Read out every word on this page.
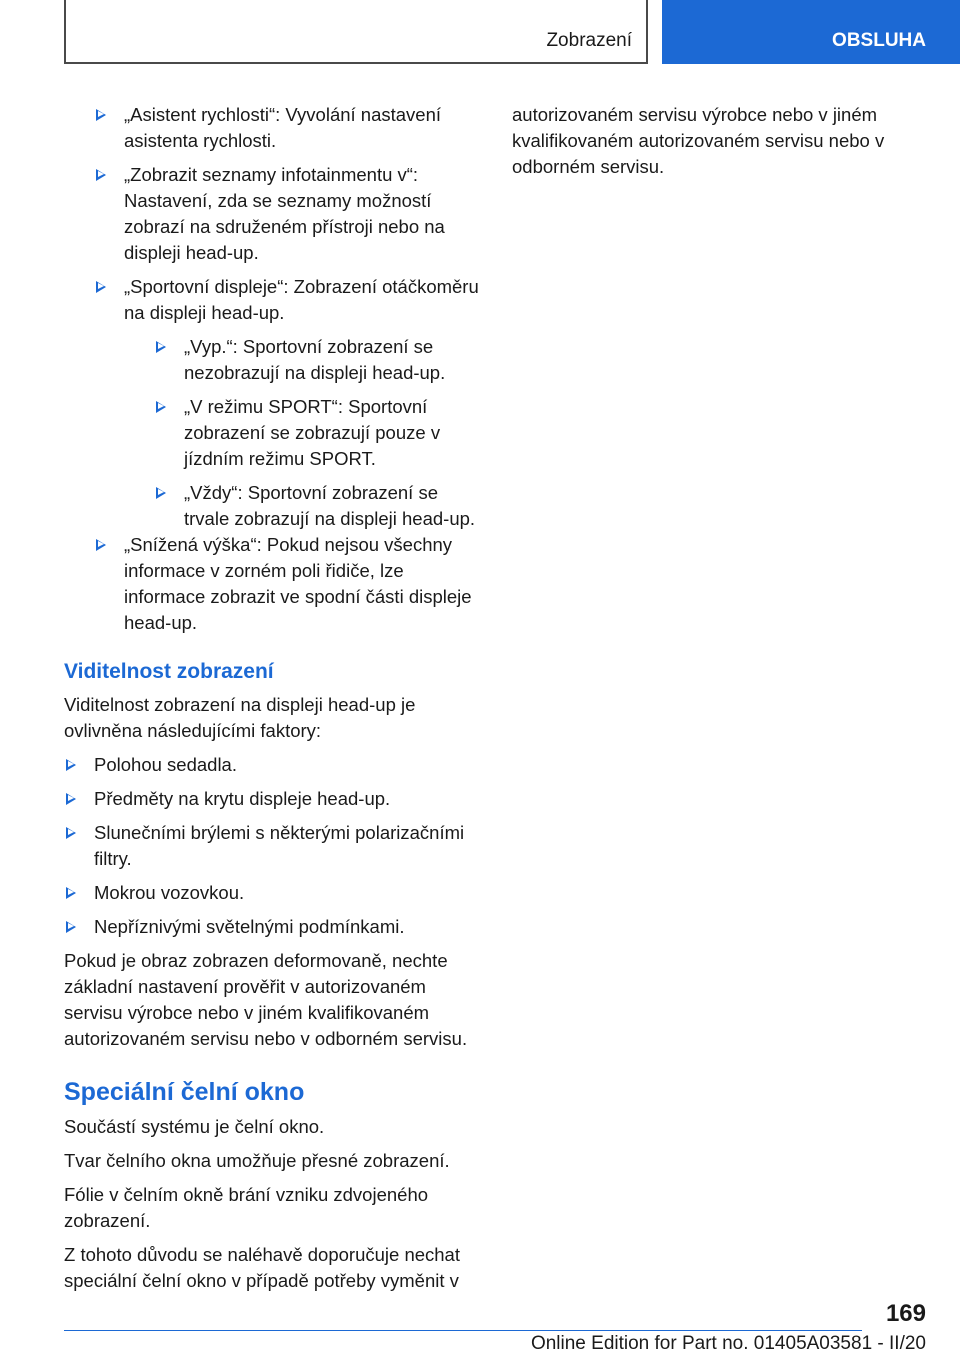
Zobrazení	OBSLUHA
„Asistent rychlosti“: Vyvolání nastavení asistenta rychlosti.
„Zobrazit seznamy infotainmentu v“: Nastavení, zda se seznamy možností zobrazí na sdruženém přístroji nebo na displeji head-up.
„Sportovní displeje“: Zobrazení otáčkoměru na displeji head-up.
„Vyp.“: Sportovní zobrazení se nezobrazují na displeji head-up.
„V režimu SPORT“: Sportovní zobrazení se zobrazují pouze v jízdním režimu SPORT.
„Vždy“: Sportovní zobrazení se trvale zobrazují na displeji head-up.
„Snížená výška“: Pokud nejsou všechny informace v zorném poli řidiče, lze informace zobrazit ve spodní části displeje head-up.
Viditelnost zobrazení

Viditelnost zobrazení na displeji head-up je ovlivněna následujícími faktory:

Polohou sedadla.
Předměty na krytu displeje head-up.
Slunečními brýlemi s některými polarizačními filtry.
Mokrou vozovkou.
Nepříznivými světelnými podmínkami.

Pokud je obraz zobrazen deformovaně, nechte základní nastavení prověřit v autorizovaném servisu výrobce nebo v jiném kvalifikovaném autorizovaném servisu nebo v odborném servisu.

Speciální čelní okno

Součástí systému je čelní okno.

Tvar čelního okna umožňuje přesné zobrazení.

Fólie v čelním okně brání vzniku zdvojeného zobrazení.

Z tohoto důvodu se naléhavě doporučuje nechat speciální čelní okno v případě potřeby vyměnit v

autorizovaném servisu výrobce nebo v jiném kvalifikovaném autorizovaném servisu nebo v odborném servisu.

169
Online Edition for Part no. 01405A03581 - II/20
